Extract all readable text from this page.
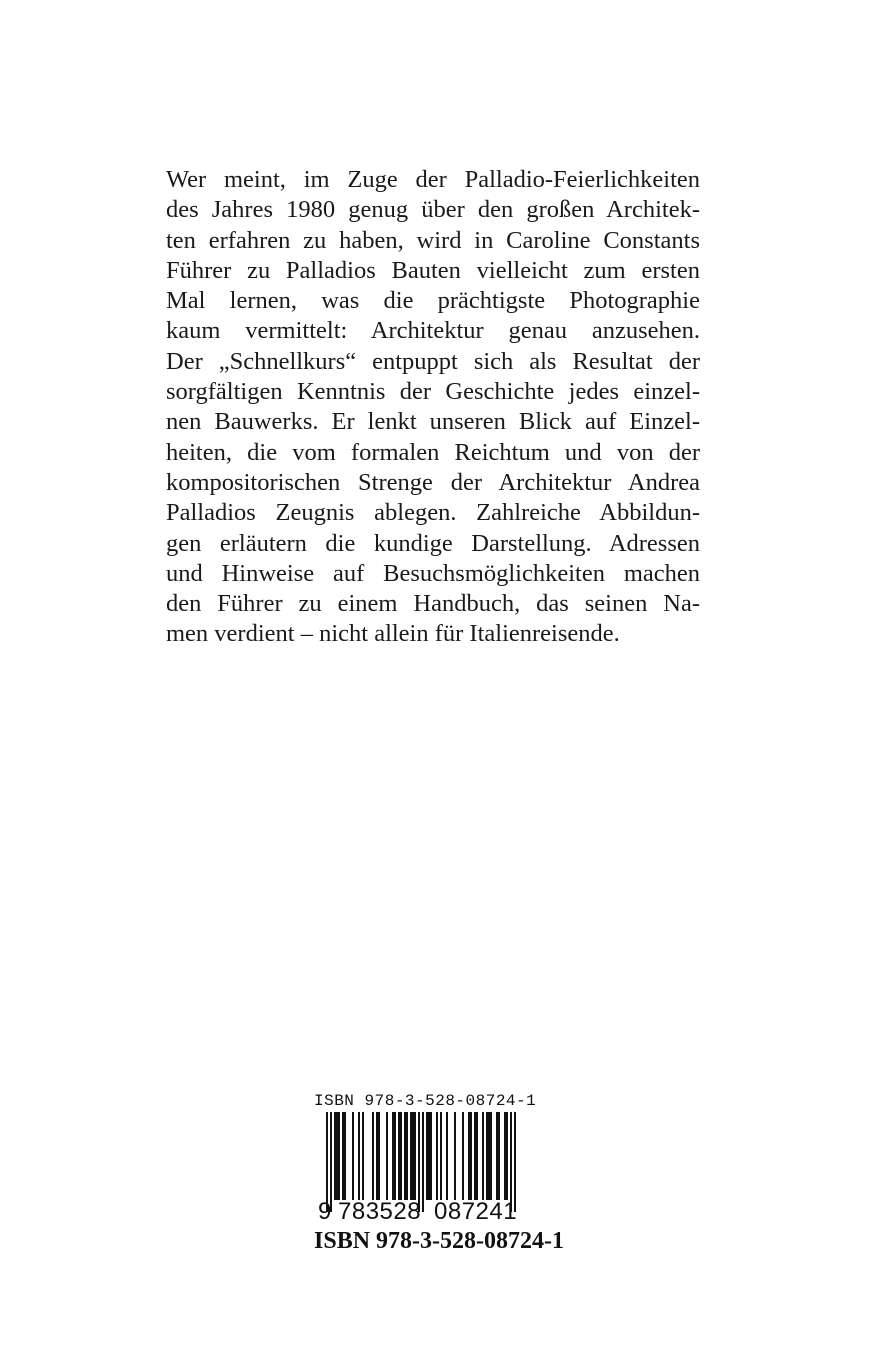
Wer meint, im Zuge der Palladio-Feierlichkeiten
des Jahres 1980 genug über den großen Architek-
ten erfahren zu haben, wird in Caroline Constants
Führer zu Palladios Bauten vielleicht zum ersten
Mal lernen, was die prächtigste Photographie
kaum vermittelt: Architektur genau anzusehen.
Der „Schnellkurs“ entpuppt sich als Resultat der
sorgfältigen Kenntnis der Geschichte jedes einzel-
nen Bauwerks. Er lenkt unseren Blick auf Einzel-
heiten, die vom formalen Reichtum und von der
kompositorischen Strenge der Architektur Andrea
Palladios Zeugnis ablegen. Zahlreiche Abbildun-
gen erläutern die kundige Darstellung. Adressen
und Hinweise auf Besuchsmöglichkeiten machen
den Führer zu einem Handbuch, das seinen Na-
men verdient – nicht allein für Italienreisende.
ISBN 978-3-528-08724-1
9 783528 087241
ISBN 978-3-528-08724-1
